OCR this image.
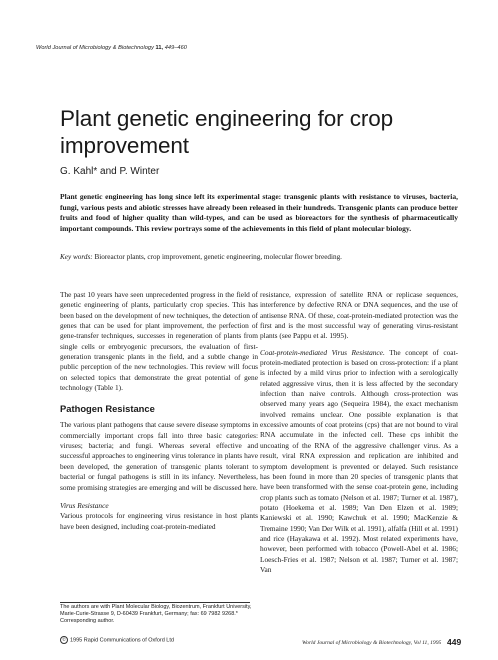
World Journal of Microbiology & Biotechnology 11, 449–460
Plant genetic engineering for crop improvement
G. Kahl* and P. Winter
Plant genetic engineering has long since left its experimental stage: transgenic plants with resistance to viruses, bacteria, fungi, various pests and abiotic stresses have already been released in their hundreds. Transgenic plants can produce better fruits and food of higher quality than wild-types, and can be used as bioreactors for the synthesis of pharmaceutically important compounds. This review portrays some of the achievements in this field of plant molecular biology.
Key words: Bioreactor plants, crop improvement, genetic engineering, molecular flower breeding.

The past 10 years have seen unprecedented progress in the field of genetic engineering of plants, particularly crop species. This has been based on the development of new techniques, the detection of genes that can be used for plant improvement, the perfection of gene-transfer techniques, successes in regeneration of plants from single cells or embryogenic precursors, the evaluation of first-generation transgenic plants in the field, and a subtle change in public perception of the new technologies. This review will focus on selected topics that demonstrate the great potential of gene technology (Table 1).

Pathogen Resistance

The various plant pathogens that cause severe disease symptoms in commercially important crops fall into three basic categories: viruses; bacteria; and fungi. Whereas several effective and successful approaches to engineering virus tolerance in plants have been developed, the generation of transgenic plants tolerant to bacterial or fungal pathogens is still in its infancy. Nevertheless, some promising strategies are emerging and will be discussed here.

Virus Resistance

Various protocols for engineering virus resistance in host plants have been designed, including coat-protein-mediated

resistance, expression of satellite RNA or replicase sequences, interference by defective RNA or DNA sequences, and the use of antisense RNA. Of these, coat-protein-mediated protection was the first and is the most successful way of generating virus-resistant plants (see Pappu et al. 1995).

Coat-protein-mediated Virus Resistance. The concept of coat-protein-mediated protection is based on cross-protection: if a plant is infected by a mild virus prior to infection with a serologically related aggressive virus, then it is less affected by the secondary infection than naive controls. Although cross-protection was observed many years ago (Sequeira 1984), the exact mechanism involved remains unclear. One possible explanation is that excessive amounts of coat proteins (cps) that are not bound to viral RNA accumulate in the infected cell. These cps inhibit the uncoating of the RNA of the aggressive challenger virus. As a result, viral RNA expression and replication are inhibited and symptom development is prevented or delayed. Such resistance has been found in more than 20 species of transgenic plants that have been transformed with the sense coat-protein gene, including crop plants such as tomato (Nelson et al. 1987; Turner et al. 1987), potato (Hoekema et al. 1989; Van Den Elzen et al. 1989; Kaniewski et al. 1990; Kawchuk et al. 1990; MacKenzie & Tremaine 1990; Van Der Wilk et al. 1991), alfalfa (Hill et al. 1991) and rice (Hayakawa et al. 1992). Most related experiments have, however, been performed with tobacco (Powell-Abel et al. 1986; Loesch-Fries et al. 1987; Nelson et al. 1987; Turner et al. 1987; Van

The authors are with Plant Molecular Biology, Biozentrum, Frankfurt University, Marie-Curie-Strasse 9, D-60439 Frankfurt, Germany; fax: 69 7982 9268.* Corresponding author.
© 1995 Rapid Communications of Oxford Ltd	World Journal of Microbiology & Biotechnology, Vol 11, 1995 449
